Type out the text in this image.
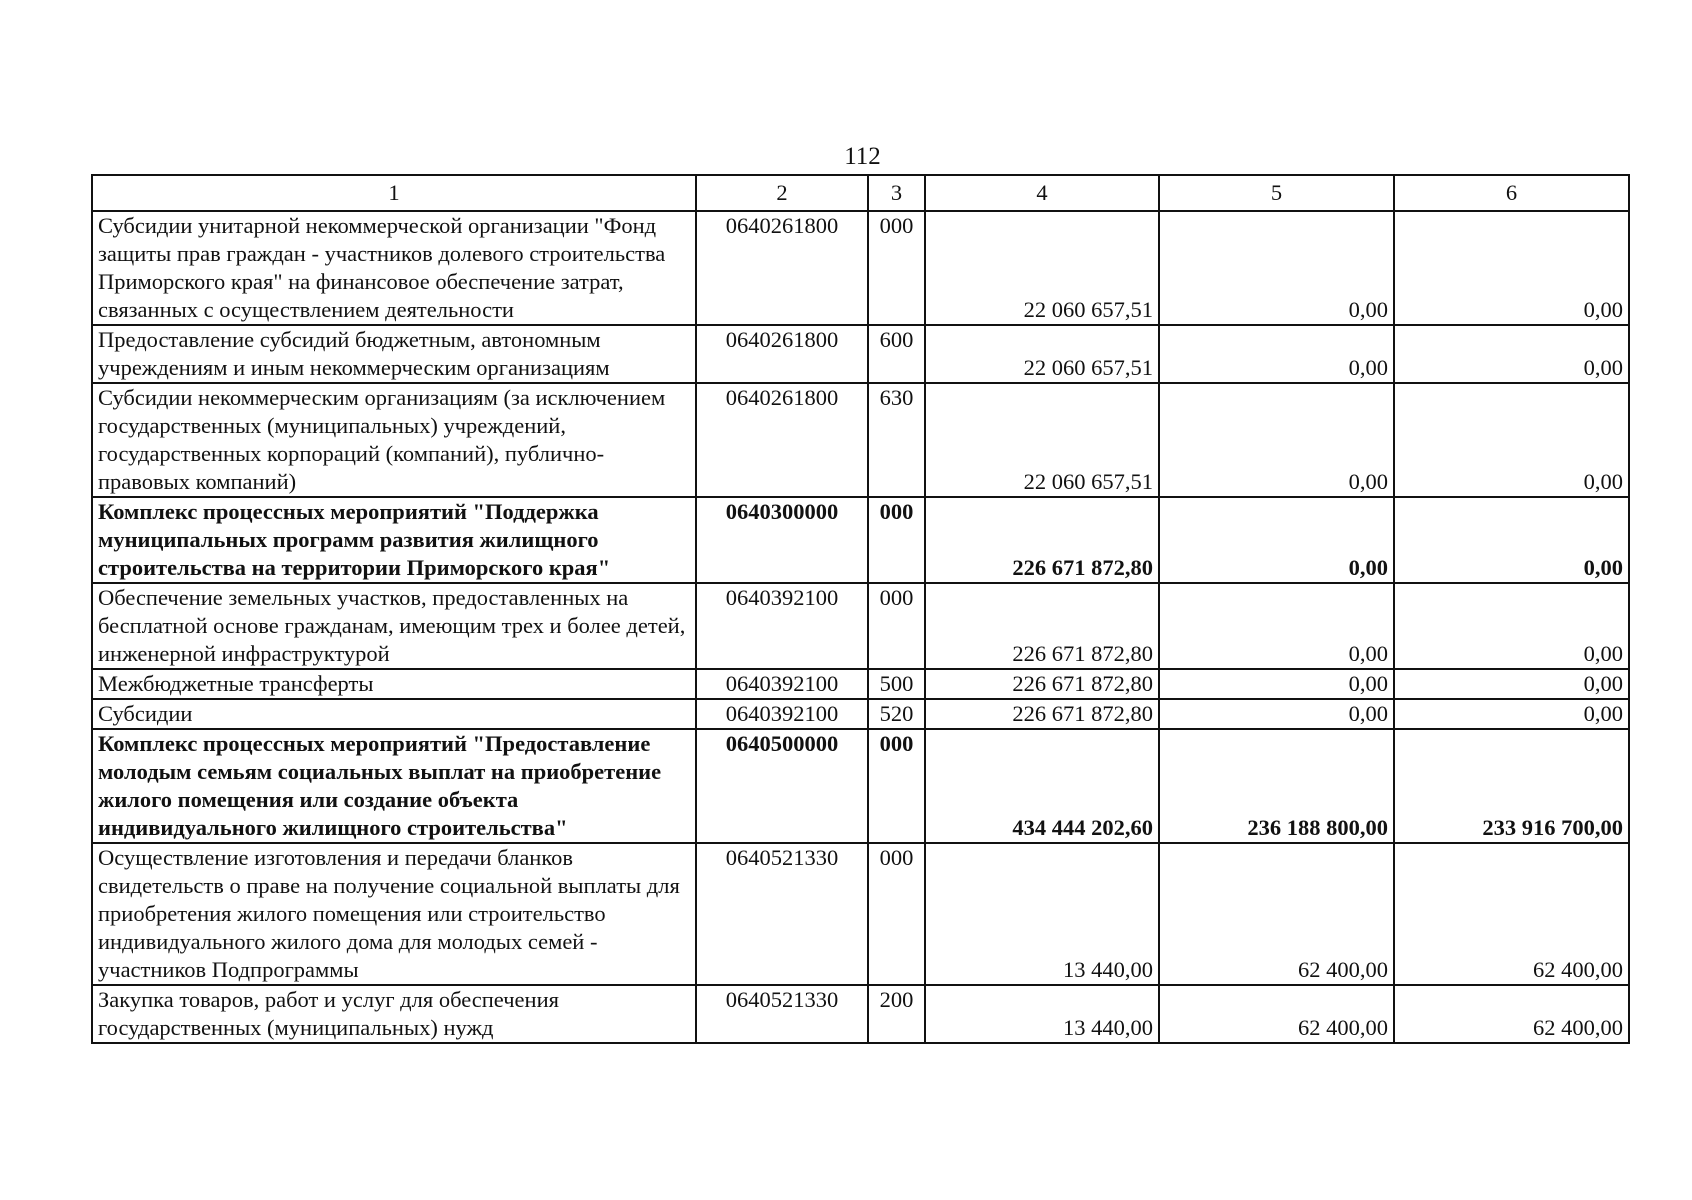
112
1	2	3	4	5	6
Субсидии унитарной некоммерческой организации "Фонд защиты прав граждан - участников долевого строительства Приморского края" на финансовое обеспечение затрат, связанных с осуществлением деятельности	0640261800	000	22 060 657,51	0,00	0,00
Предоставление субсидий бюджетным, автономным учреждениям и иным некоммерческим организациям	0640261800	600	22 060 657,51	0,00	0,00
Субсидии некоммерческим организациям (за исключением государственных (муниципальных) учреждений, государственных корпораций (компаний), публично-правовых компаний)	0640261800	630	22 060 657,51	0,00	0,00
Комплекс процессных мероприятий "Поддержка муниципальных программ развития жилищного строительства на территории Приморского края"	0640300000	000	226 671 872,80	0,00	0,00
Обеспечение земельных участков, предоставленных на бесплатной основе гражданам, имеющим трех и более детей, инженерной инфраструктурой	0640392100	000	226 671 872,80	0,00	0,00
Межбюджетные трансферты	0640392100	500	226 671 872,80	0,00	0,00
Субсидии	0640392100	520	226 671 872,80	0,00	0,00
Комплекс процессных мероприятий "Предоставление молодым семьям социальных выплат на приобретение жилого помещения или создание объекта индивидуального жилищного строительства"	0640500000	000	434 444 202,60	236 188 800,00	233 916 700,00
Осуществление изготовления и передачи бланков свидетельств о праве на получение социальной выплаты для приобретения жилого помещения или строительство индивидуального жилого дома для молодых семей - участников Подпрограммы	0640521330	000	13 440,00	62 400,00	62 400,00
Закупка товаров, работ и услуг для обеспечения государственных (муниципальных) нужд	0640521330	200	13 440,00	62 400,00	62 400,00
